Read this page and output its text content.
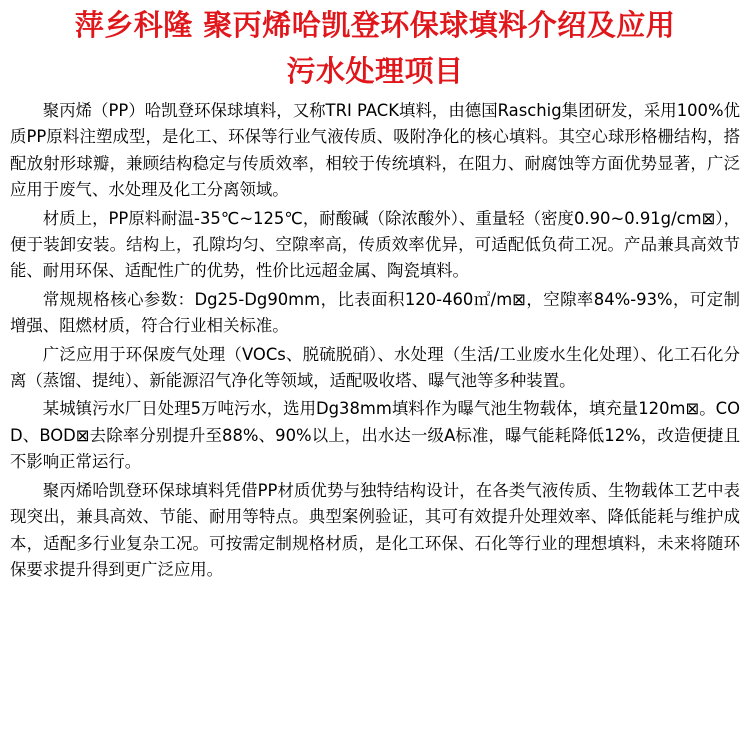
萍乡科隆 聚丙烯哈凯登环保球填料介绍及应用
污水处理项目

聚丙烯（PP）哈凯登环保球填料，又称TRI PACK填料，由德国Raschig集团研发，采用100%优质PP原料注塑成型，是化工、环保等行业气液传质、吸附净化的核心填料。其空心球形格栅结构，搭配放射形球瓣，兼顾结构稳定与传质效率，相较于传统填料，在阻力、耐腐蚀等方面优势显著，广泛应用于废气、水处理及化工分离领域。

材质上，PP原料耐温-35℃~125℃，耐酸碱（除浓酸外）、重量轻（密度0.90~0.91g/cm⊠），便于装卸安装。结构上，孔隙均匀、空隙率高，传质效率优异，可适配低负荷工况。产品兼具高效节能、耐用环保、适配性广的优势，性价比远超金属、陶瓷填料。

常规规格核心参数：Dg25-Dg90mm，比表面积120-460㎡/m⊠，空隙率84%-93%，可定制增强、阻燃材质，符合行业相关标准。

广泛应用于环保废气处理（VOCs、脱硫脱硝）、水处理（生活/工业废水生化处理）、化工石化分离（蒸馏、提纯）、新能源沼气净化等领域，适配吸收塔、曝气池等多种装置。

某城镇污水厂日处理5万吨污水，选用Dg38mm填料作为曝气池生物载体，填充量120m⊠。COD、BOD⊠去除率分别提升至88%、90%以上，出水达一级A标准，曝气能耗降低12%，改造便捷且不影响正常运行。

聚丙烯哈凯登环保球填料凭借PP材质优势与独特结构设计，在各类气液传质、生物载体工艺中表现突出，兼具高效、节能、耐用等特点。典型案例验证，其可有效提升处理效率、降低能耗与维护成本，适配多行业复杂工况。可按需定制规格材质，是化工环保、石化等行业的理想填料，未来将随环保要求提升得到更广泛应用。
